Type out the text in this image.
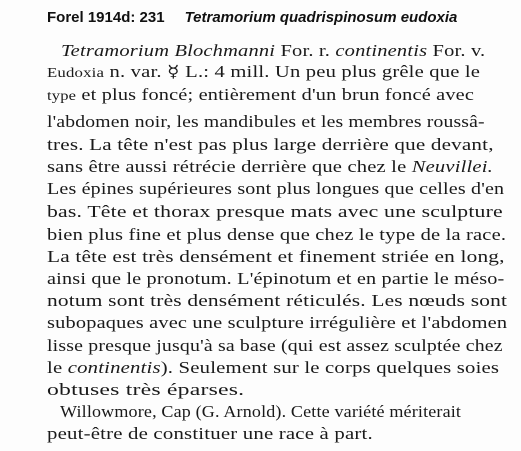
Forel 1914d: 231 Tetramorium quadrispinosum eudoxia
Tetramorium Blochmanni For. r. continentis For. v.
Eudoxia n. var. ☿ L.: 4 mill. Un peu plus grêle que le
type et plus foncé; entièrement d'un brun foncé avec
l'abdomen noir, les mandibules et les membres roussâ-
tres. La tête n'est pas plus large derrière que devant,
sans être aussi rétrécie derrière que chez le Neuvillei.
Les épines supérieures sont plus longues que celles d'en
bas. Tête et thorax presque mats avec une sculpture
bien plus fine et plus dense que chez le type de la race.
La tête est très densément et finement striée en long,
ainsi que le pronotum. L'épinotum et en partie le méso-
notum sont très densément réticulés. Les nœuds sont
subopaques avec une sculpture irrégulière et l'abdomen
lisse presque jusqu'à sa base (qui est assez sculptée chez
le continentis). Seulement sur le corps quelques soies
obtuses très éparses.
Willowmore, Cap (G. Arnold). Cette variété mériterait
peut-être de constituer une race à part.
